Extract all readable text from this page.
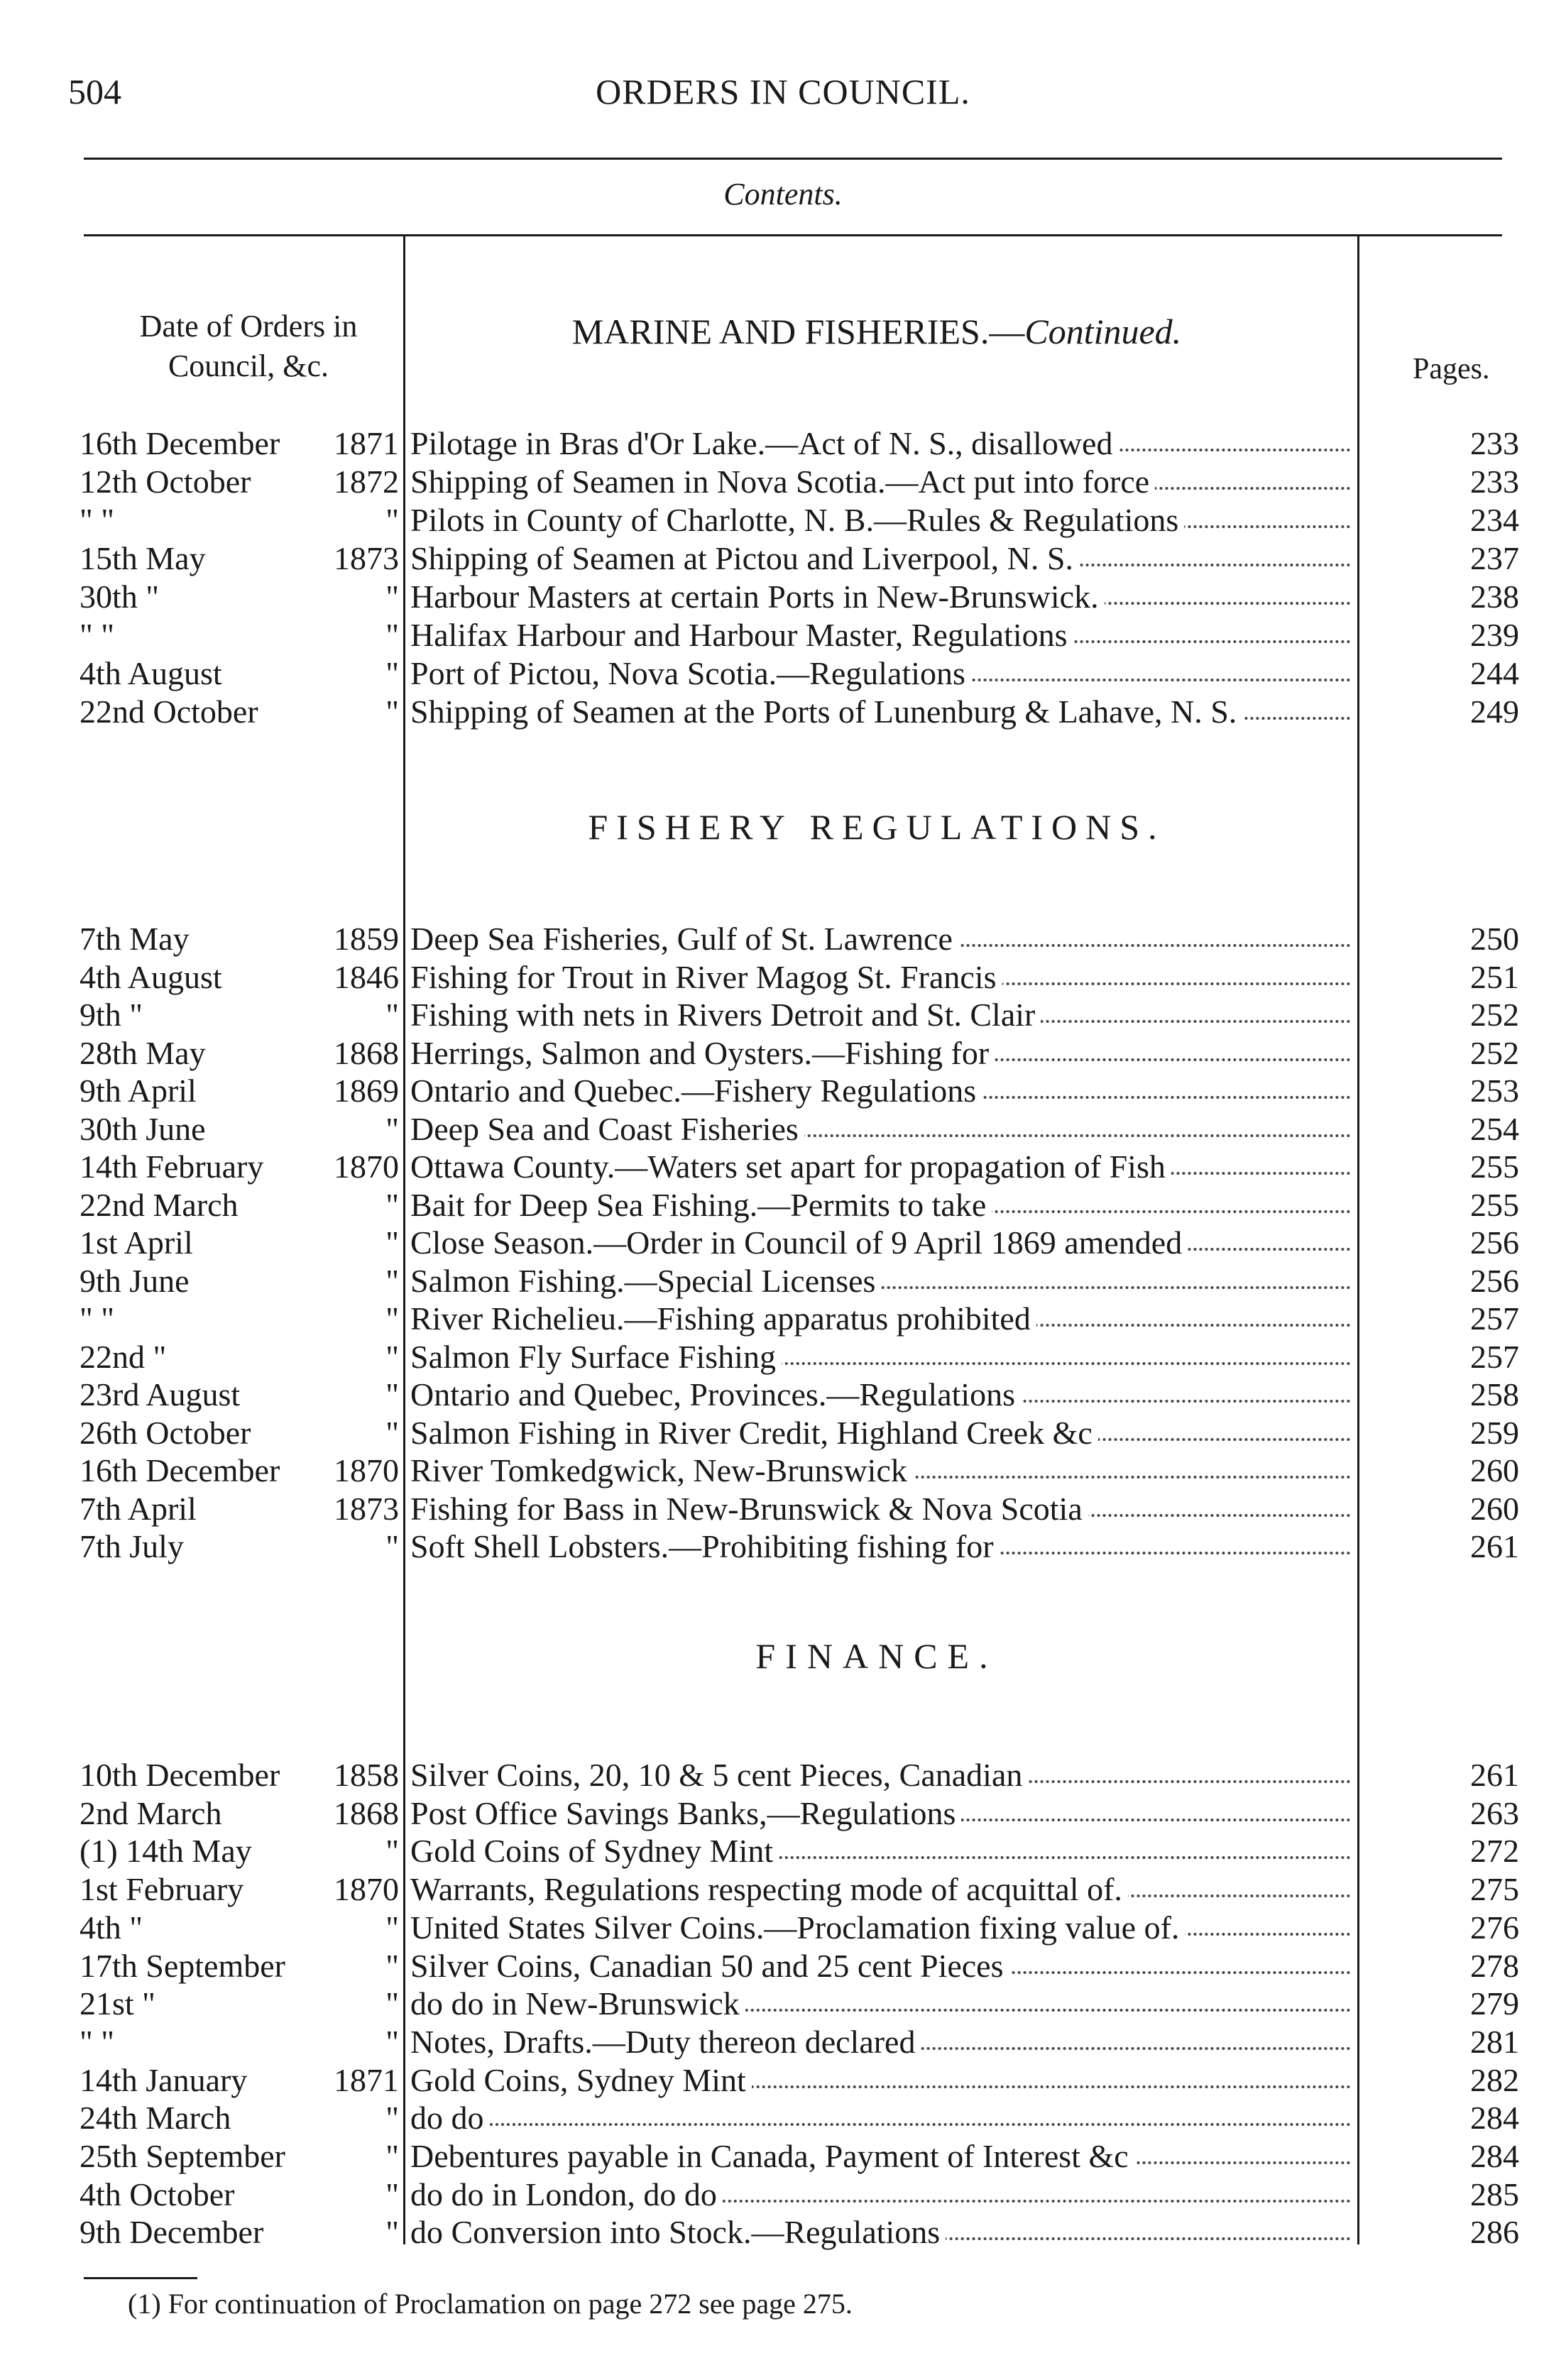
504	ORDERS IN COUNCIL.
Contents.
Date of Orders in
Council, &c.	Pages.
MARINE AND FISHERIES.—Continued.
16th December	1871 Pilotage in Bras d'Or Lake.—Act of N. S., disallowed	233
12th October	1872 Shipping of Seamen in Nova Scotia.—Act put into force	233
" "	" Pilots in County of Charlotte, N. B.—Rules & Regulations	234
15th May	1873 Shipping of Seamen at Pictou and Liverpool, N. S.	237
30th "	" Harbour Masters at certain Ports in New-Brunswick.	238
" "	" Halifax Harbour and Harbour Master, Regulations	239
4th August	" Port of Pictou, Nova Scotia.—Regulations	244
22nd October	" Shipping of Seamen at the Ports of Lunenburg & Lahave, N. S.	249
FISHERY REGULATIONS.
7th May	1859 Deep Sea Fisheries, Gulf of St. Lawrence	250
4th August	1846 Fishing for Trout in River Magog St. Francis	251
9th "	" Fishing with nets in Rivers Detroit and St. Clair	252
28th May	1868 Herrings, Salmon and Oysters.—Fishing for	252
9th April	1869 Ontario and Quebec.—Fishery Regulations	253
30th June	" Deep Sea and Coast Fisheries	254
14th February	1870 Ottawa County.—Waters set apart for propagation of Fish	255
22nd March	" Bait for Deep Sea Fishing.—Permits to take	255
1st April	" Close Season.—Order in Council of 9 April 1869 amended	256
9th June	" Salmon Fishing.—Special Licenses	256
" "	" River Richelieu.—Fishing apparatus prohibited	257
22nd "	" Salmon Fly Surface Fishing	257
23rd August	" Ontario and Quebec, Provinces.—Regulations	258
26th October	" Salmon Fishing in River Credit, Highland Creek &c	259
16th December	1870 River Tomkedgwick, New-Brunswick	260
7th April	1873 Fishing for Bass in New-Brunswick & Nova Scotia	260
7th July	" Soft Shell Lobsters.—Prohibiting fishing for	261
FINANCE.
10th December	1858 Silver Coins, 20, 10 & 5 cent Pieces, Canadian	261
2nd March	1868 Post Office Savings Banks,—Regulations	263
(1) 14th May	" Gold Coins of Sydney Mint	272
1st February	1870 Warrants, Regulations respecting mode of acquittal of.	275
4th "	" United States Silver Coins.—Proclamation fixing value of.	276
17th September	" Silver Coins, Canadian 50 and 25 cent Pieces	278
21st "	" do do in New-Brunswick	279
" "	" Notes, Drafts.—Duty thereon declared	281
14th January	1871 Gold Coins, Sydney Mint	282
24th March	" do do	284
25th September	" Debentures payable in Canada, Payment of Interest &c	284
4th October	" do do in London, do do	285
9th December	" do Conversion into Stock.—Regulations	286
(1) For continuation of Proclamation on page 272 see page 275.
